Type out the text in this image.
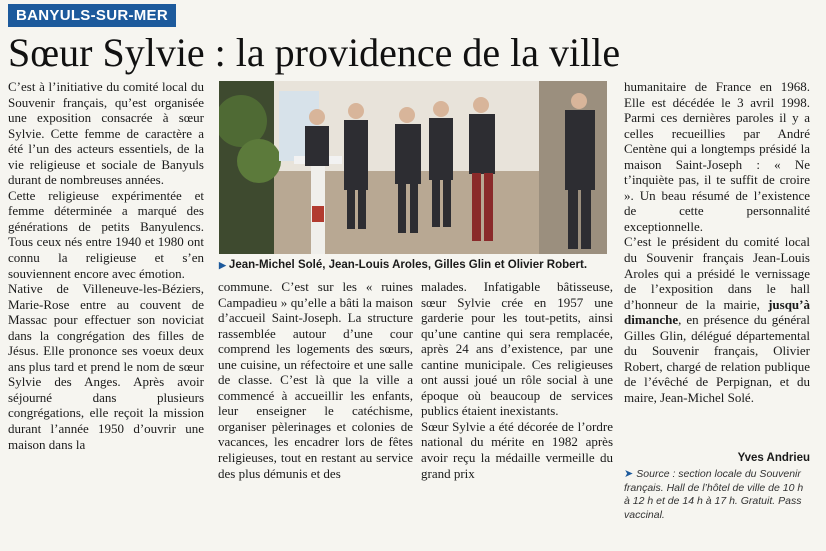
BANYULS-SUR-MER
Sœur Sylvie : la providence de la ville

C’est à l’initiative du comité local du Souvenir français, qu’est organisée une exposition consacrée à sœur Sylvie. Cette femme de caractère a été l’un des acteurs essentiels, de la vie religieuse et sociale de Banyuls durant de nombreuses années.

Cette religieuse expérimentée et femme déterminée a marqué des générations de petits Banyulencs. Tous ceux nés entre 1940 et 1980 ont connu la religieuse et s’en souviennent encore avec émotion.

Native de Villeneuve-les-Béziers, Marie-Rose entre au couvent de Massac pour effectuer son noviciat dans la congrégation des filles de Jésus. Elle prononce ses voeux deux ans plus tard et prend le nom de sœur Sylvie des Anges. Après avoir séjourné dans plusieurs congrégations, elle reçoit la mission durant l’année 1950 d’ouvrir une maison dans la

▶ Jean-Michel Solé, Jean-Louis Aroles, Gilles Glin et Olivier Robert.

commune. C’est sur les « ruines Campadieu » qu’elle a bâti la maison d’accueil Saint-Joseph. La structure rassemblée autour d’une cour comprend les logements des sœurs, une cuisine, un réfectoire et une salle de classe. C’est là que la ville a commencé à accueillir les enfants, leur enseigner le catéchisme, organiser pèlerinages et colonies de vacances, les encadrer lors de fêtes religieuses, tout en restant au service des plus démunis et des

malades. Infatigable bâtisseuse, sœur Sylvie crée en 1957 une garderie pour les tout-petits, ainsi qu’une cantine qui sera remplacée, après 24 ans d’existence, par une cantine municipale. Ces religieuses ont aussi joué un rôle social à une époque où beaucoup de services publics étaient inexistants.

Sœur Sylvie a été décorée de l’ordre national du mérite en 1982 après avoir reçu la médaille vermeille du grand prix

humanitaire de France en 1968. Elle est décédée le 3 avril 1998. Parmi ces dernières paroles il y a celles recueillies par André Centène qui a longtemps présidé la maison Saint-Joseph : « Ne t’inquiète pas, il te suffit de croire ». Un beau résumé de l’existence de cette personnalité exceptionnelle.

C’est le président du comité local du Souvenir français Jean-Louis Aroles qui a présidé le vernissage de l’exposition dans le hall d’honneur de la mairie, jusqu’à dimanche, en présence du général Gilles Glin, délégué départemental du Souvenir français, Olivier Robert, chargé de relation publique de l’évêché de Perpignan, et du maire, Jean-Michel Solé.

Yves Andrieu
➤ Source : section locale du Souvenir français. Hall de l’hôtel de ville de 10 h à 12 h et de 14 h à 17 h. Gratuit. Pass vaccinal.
